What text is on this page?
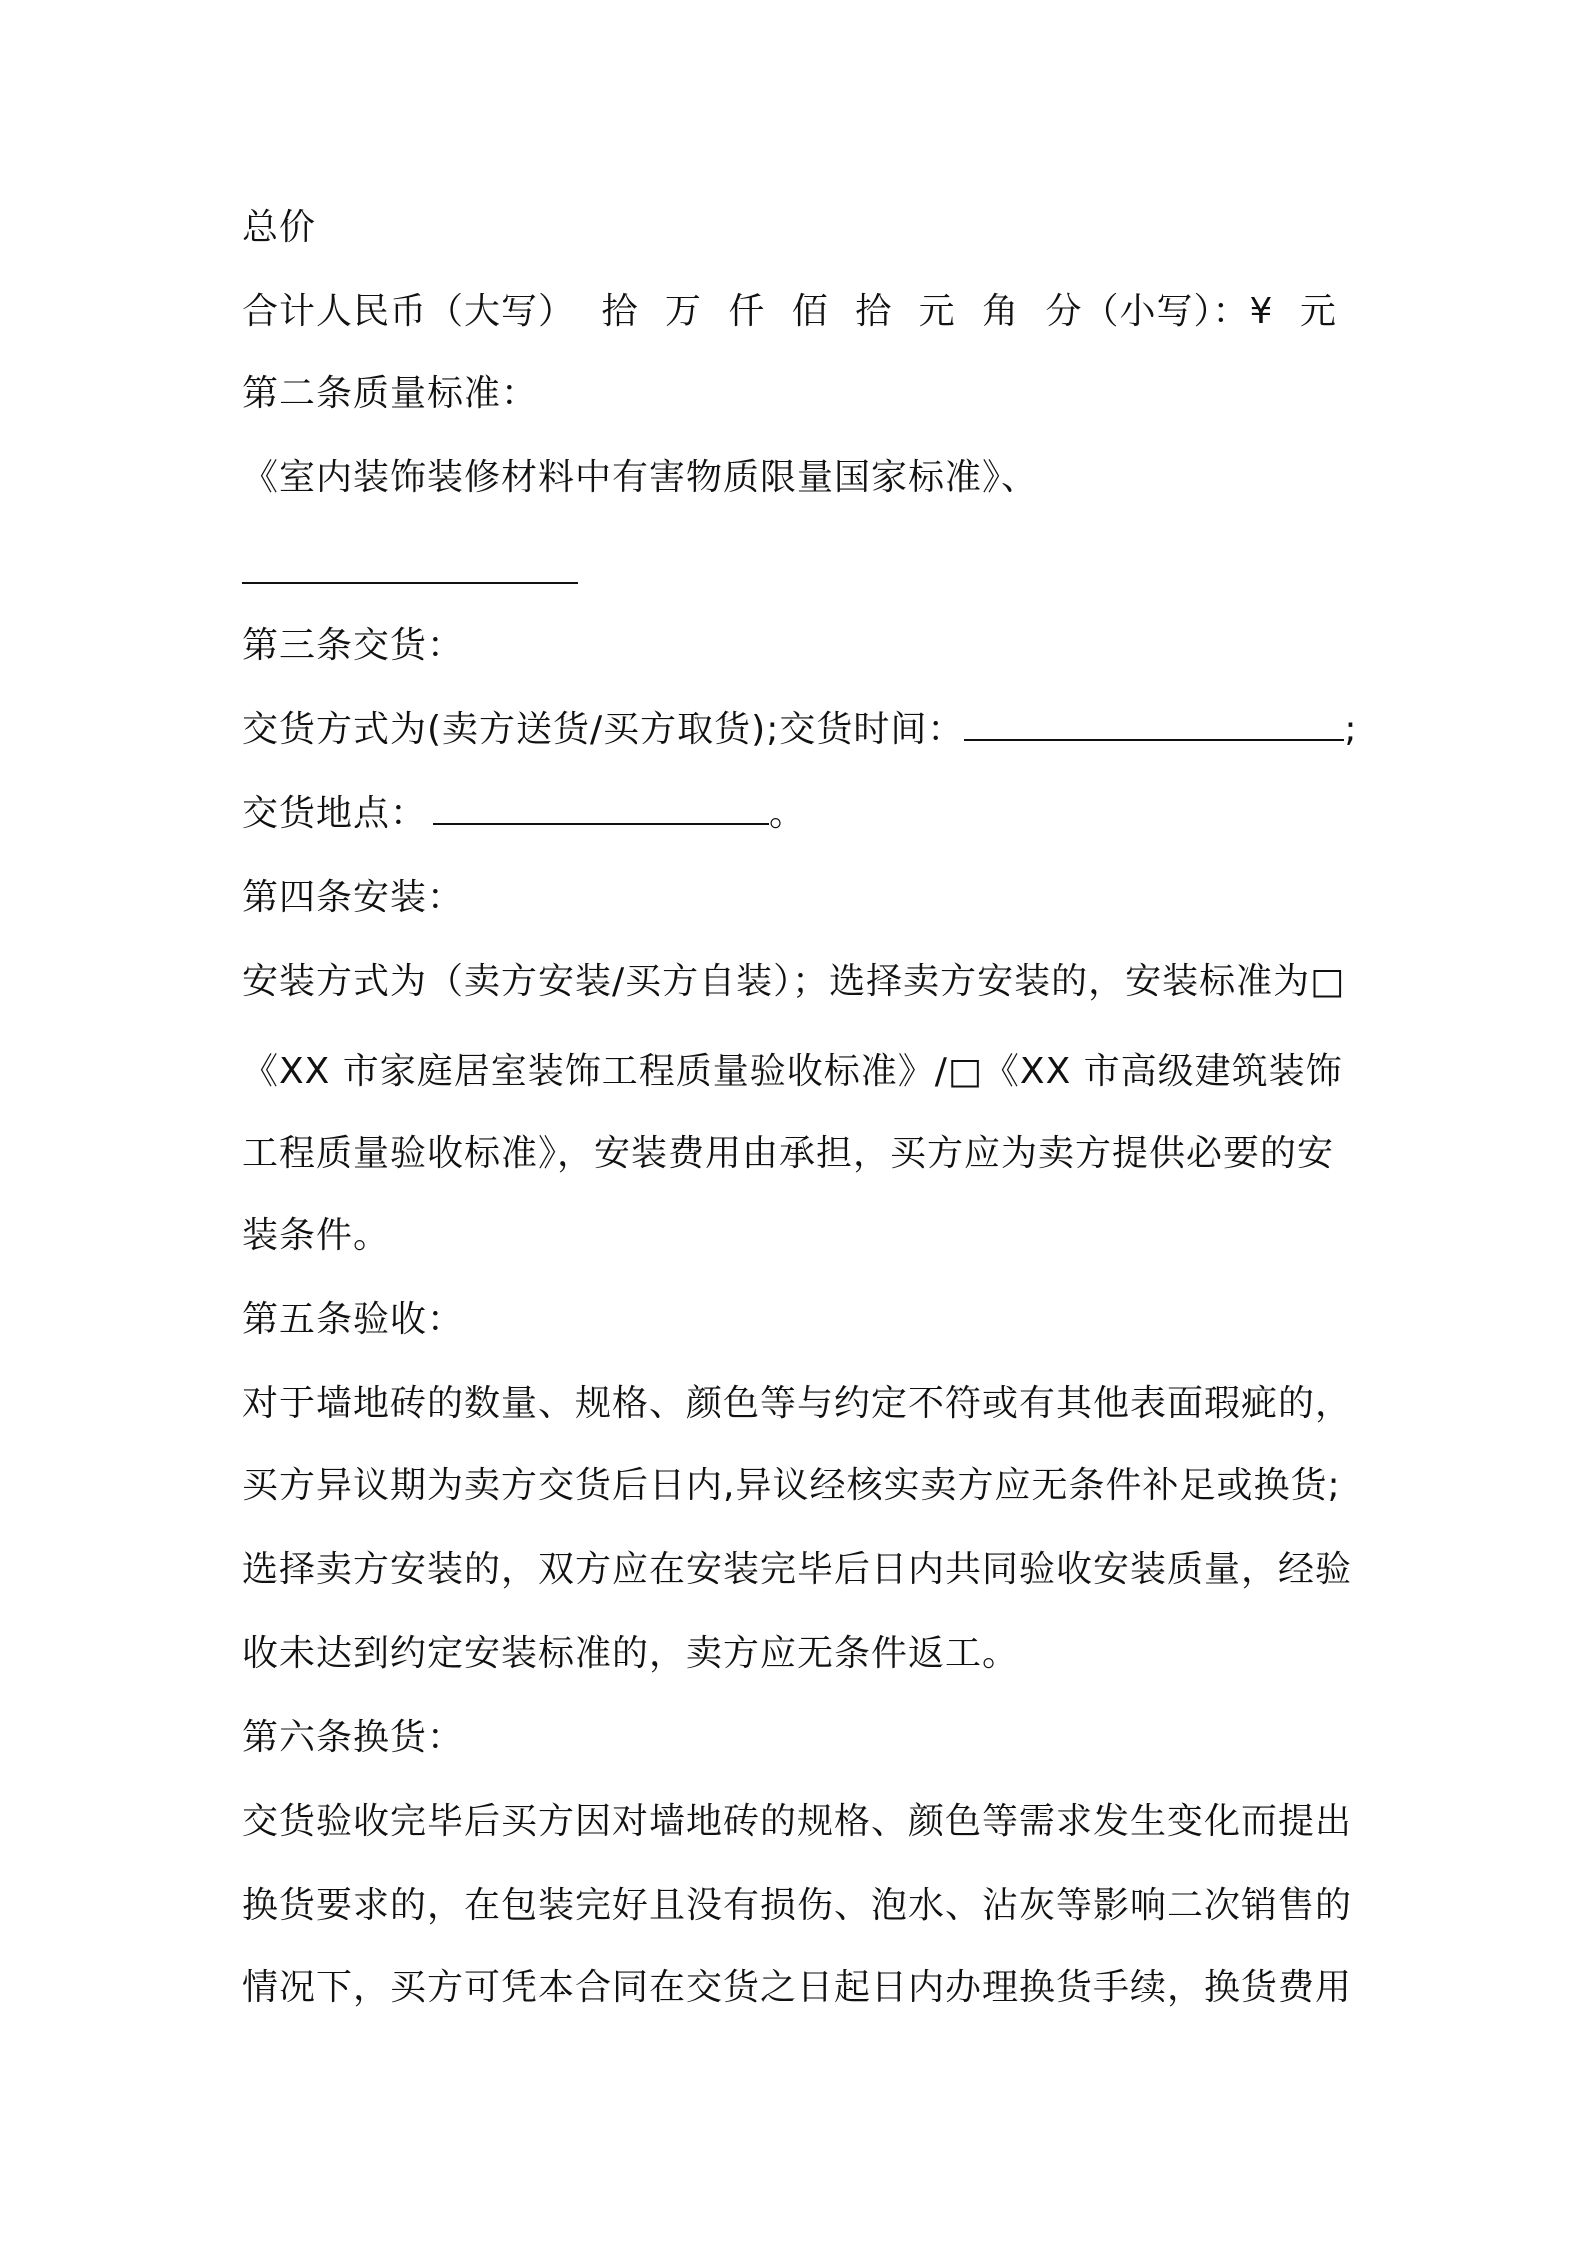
总价
合计人民币（大写） 拾 万 仟 佰 拾 元 角 分（小写）：¥ 元
第二条质量标准：
《室内装饰装修材料中有害物质限量国家标准》、
第三条交货：
交货方式为(卖方送货/买方取货);交货时间：	;
交货地点：	。
第四条安装：
安装方式为（卖方安装/买方自装）；选择卖方安装的，安装标准为□
《XX 市家庭居室装饰工程质量验收标准》/□《XX 市高级建筑装饰
工程质量验收标准》，安装费用由承担，买方应为卖方提供必要的安
装条件。
第五条验收：
对于墙地砖的数量、规格、颜色等与约定不符或有其他表面瑕疵的，
买方异议期为卖方交货后日内,异议经核实卖方应无条件补足或换货;
选择卖方安装的，双方应在安装完毕后日内共同验收安装质量，经验
收未达到约定安装标准的，卖方应无条件返工。
第六条换货：
交货验收完毕后买方因对墙地砖的规格、颜色等需求发生变化而提出
换货要求的，在包装完好且没有损伤、泡水、沾灰等影响二次销售的
情况下，买方可凭本合同在交货之日起日内办理换货手续，换货费用
